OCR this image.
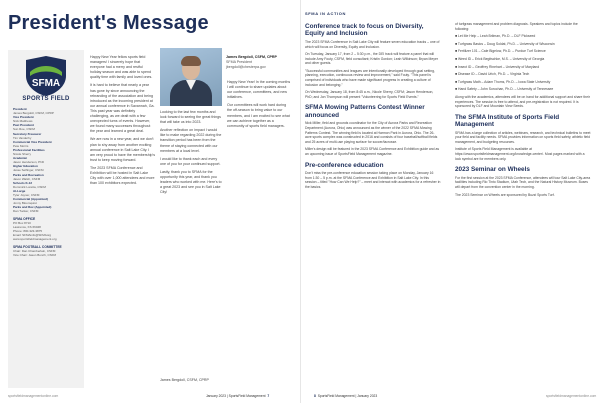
President's Message
SFMA
SPORTS FIELD
President
James Bergdoll, CSFM, CPRP
Vice President
Nick Matthews
Past President
Sun Roe, CSFM
Secretary-Treasurer
Tim Vanderhy
Commercial Vice President
Pete Morris
Professional Facilities
Nicole Sherry
Academic
Jason Henderson, PhD
Higher Education
Jesse Selfinger, CSFM
Parks and Recreation
Jason Walsh, CSFM
Schools K-12
Dommick Loretta, CSFM
At-Large
Tyler Joyner, CSFM
Commercial (Appointed)
Jonny Bloomquist
Parks and Rec (Appointed)
Dan Tucker, CSFM
SFMA OFFICE
PO Box 8710
Lawrence, KS 66048
Phone: 800-323-3875
Email: SFMAinfo@SFMAorg
www.sportsfieldmanagement.org
SFMA FOOTBALL COMMITTEE
Chair: Dan Chamberlain, CSFM
Vice Chair: Jason Bunch, CSFM
Happy New Year fellow sports field managers! I sincerely hope that everyone had a merry and restful holiday season and was able to spend quality time with family and loved ones.
It is hard to believe that nearly a year has gone by since announcing the rebranding of the association and being introduced as the incoming president at our annual conference in Savannah, Ga. This past year was definitely challenging, as we dealt with a few unexpected turns of events. However, we found many successes throughout the year and learned a great deal.
We are now in a new year, and we don't plan to shy away from another exciting annual conference in Salt Lake City. I am very proud to have the membership's trust to keep moving forward.
The 2023 SFMA Conference and Exhibition will be hosted in Salt Lake City with over 1,000 attendees and more than 100 exhibitors expected.
James Bergdoll, CSFM, CPRP
SFMA President
jbergdoll@chesterpa.gov
Looking to the last few months and look forward to seeing the great things that will take us into 2023.
Another reflection on impact I would like to make regarding 2022 during the transition period has been from the theme of staying connected with our members at a local level.
I would like to thank each and every one of you for your continued support.
Lastly, thank you to SFMA for the opportunity this year, and thank you leaders who worked with me. Here's to a great 2023 and see you in Salt Lake City!
James Bergdoll, CSFM, CPRP
Happy New Year! In the coming months I will continue to share updates about our conference, committees, and new initiatives.
Our committees will work hard during the off-season to bring value to our members, and I am excited to see what we can achieve together as a community of sports field managers.
sportsfieldmanagementonline.com	January 2023 | SportsField Management 7
SFMA IN ACTION
Conference track to focus on Diversity, Equity and Inclusion
The 2023 SFMA Conference in Salt Lake City will feature seven education tracks – one of which will focus on Diversity, Equity and Inclusion.
On Tuesday, January 17, from 2 – 5:30 p.m., the DEI track will feature a panel that will include Amy Fouty, CSFM, field consultant; Kristin Gordon; Leah Wilkinson; Bryan Meyer and other guests.
"Successful communities and leagues are intentionally developed through goal setting, planning, execution, continuous review and improvement," said Fouty. "This panel is comprised of individuals who have made significant progress in creating a culture of inclusion and belonging."
On Wednesday, January 18, from 8:45 a.m., Nicole Sherry, CSFM; Jason Henderson, PhD; and Jon Thompson will present "Volunteering for Sports Field Events."
SFMA Mowing Patterns Contest Winner announced
Nick Miller, field and grounds coordinator for the City of Aurora Parks and Recreation Department (Aurora, Ohio) was announced as the winner of the 2022 SFMA Mowing Patterns Contest. The winning field is located at Harmon Park in Aurora, Ohio. The 26-acre sports complex was constructed in 2016 and consists of four baseball/softball fields and 25 acres of multi-use playing surface for soccer/lacrosse.
Miller's design will be featured in the 2023 SFMA Conference and Exhibition guide and as an upcoming issue of SportsField Management magazine.
Pre-conference education
Don't miss the pre-conference education session taking place on Monday, January 16 from 1:30 – 5 p.m. at the SFMA Conference and Exhibition in Salt Lake City. In this session – titled "How Can We Help?" – meet and interact with academics for a refresher in the basics.
of turfgrass management and problem diagnosis. Speakers and topics include the following:
■ Let Me Help – Leah Brilman, Ph.D. – DLF Pickseed
■ Turfgrass Basics – Doug Soldat, Ph.D. – University of Wisconsin
■ Fertilizer 101 – Cale Bigelow, Ph.D. – Purdue Turf Science
■ Weed ID – Erick Begitschke, M.S. – University of Georgia
■ Insect ID – Geoffrey Rinehart – University of Maryland
■ Disease ID – David Urich, Ph.D. – Virginia Tech
■ Turfgrass Math – Adam Thoms, Ph.D. – Iowa State University
■ Hand Safety – John Sorochan, Ph.D. – University of Tennessee
Along with the academics, attendees will be on hand for additional support and share their experiences. The session is free to attend, and pre-registration is not required. It is sponsored by DLF and Mountain View Seeds.
The SFMA Institute of Sports Field Management
SFMA has a large collection of articles, webinars, research, and technical bulletins to meet your field and facility needs. SFMA provides information on sports field safety, athletic field management, and budgeting resources.
Institute of Sports Field Management is available at https://www.sportsfieldmanagement.org/knowledge-center/. Most pages marked with a lock symbol are for members only.
2023 Seminar on Wheels
For the first session at the 2023 SFMA Conference, attendees will tour Salt Lake City-area facilities including Rio Tinto Stadium, Utah Tech, and the Natural History Museum. Buses will depart from the convention center in the morning.
The 2023 Seminar on Wheels are sponsored by Buzzi Sports Turf.
8 SportsField Management | January 2023	sportsfieldmanagementonline.com
